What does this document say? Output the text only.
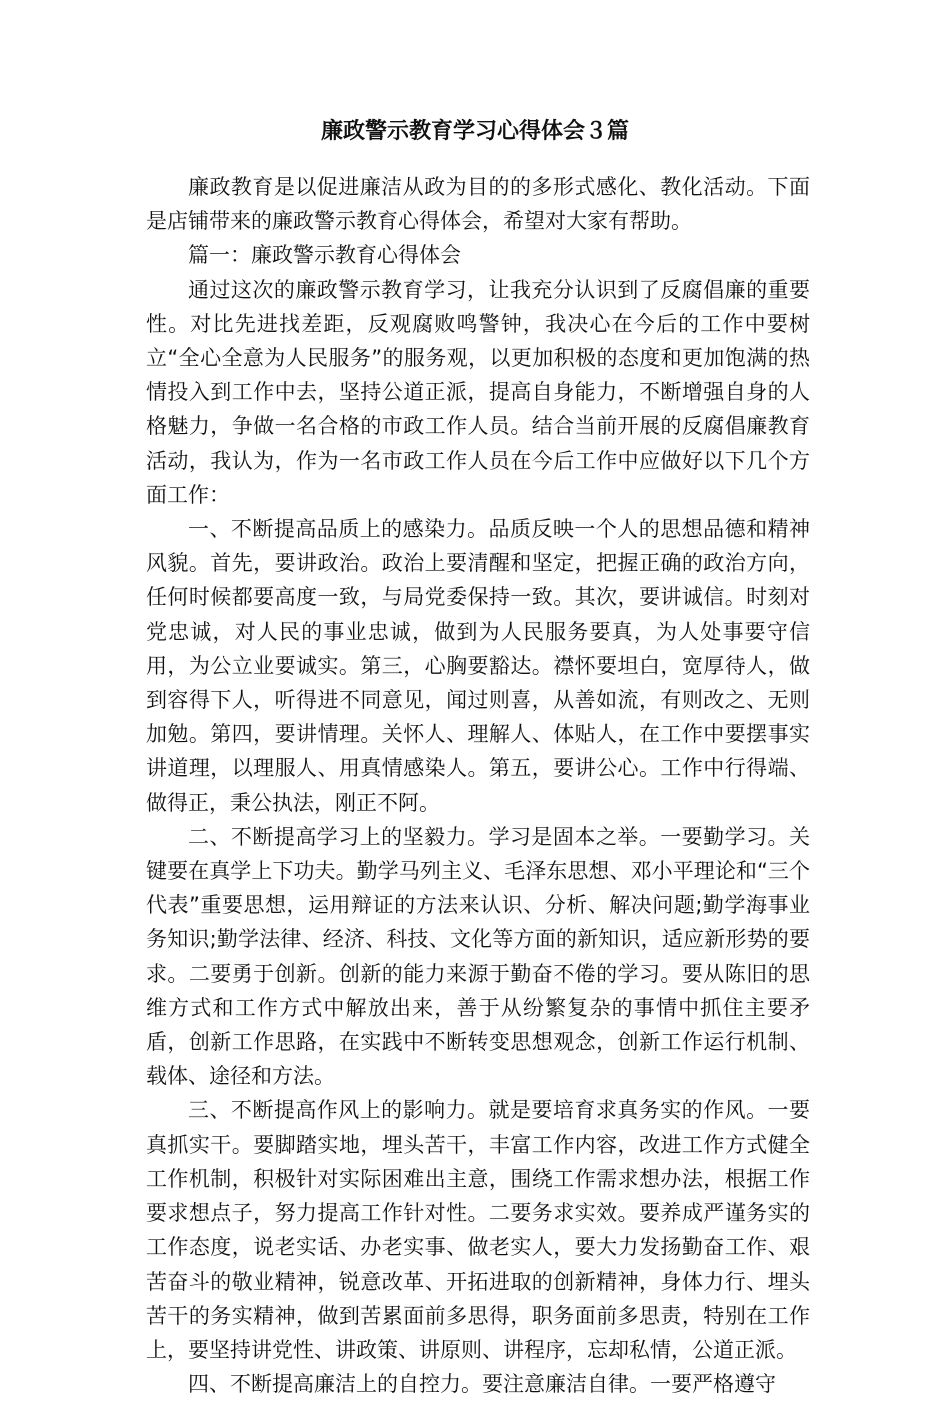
廉政警示教育学习心得体会３篇

廉政教育是以促进廉洁从政为目的的多形式感化、教化活动。下面是店铺带来的廉政警示教育心得体会，希望对大家有帮助。

篇一：廉政警示教育心得体会

通过这次的廉政警示教育学习，让我充分认识到了反腐倡廉的重要性。对比先进找差距，反观腐败鸣警钟，我决心在今后的工作中要树立“全心全意为人民服务”的服务观，以更加积极的态度和更加饱满的热情投入到工作中去，坚持公道正派，提高自身能力，不断增强自身的人格魅力，争做一名合格的市政工作人员。结合当前开展的反腐倡廉教育活动，我认为，作为一名市政工作人员在今后工作中应做好以下几个方面工作：

一、不断提高品质上的感染力。品质反映一个人的思想品德和精神风貌。首先，要讲政治。政治上要清醒和坚定，把握正确的政治方向，任何时候都要高度一致，与局党委保持一致。其次，要讲诚信。时刻对党忠诚，对人民的事业忠诚，做到为人民服务要真，为人处事要守信用，为公立业要诚实。第三，心胸要豁达。襟怀要坦白，宽厚待人，做到容得下人，听得进不同意见，闻过则喜，从善如流，有则改之、无则加勉。第四，要讲情理。关怀人、理解人、体贴人，在工作中要摆事实讲道理，以理服人、用真情感染人。第五，要讲公心。工作中行得端、做得正，秉公执法，刚正不阿。

二、不断提高学习上的坚毅力。学习是固本之举。一要勤学习。关键要在真学上下功夫。勤学马列主义、毛泽东思想、邓小平理论和“三个代表”重要思想，运用辩证的方法来认识、分析、解决问题;勤学海事业务知识;勤学法律、经济、科技、文化等方面的新知识，适应新形势的要求。二要勇于创新。创新的能力来源于勤奋不倦的学习。要从陈旧的思维方式和工作方式中解放出来，善于从纷繁复杂的事情中抓住主要矛盾，创新工作思路，在实践中不断转变思想观念，创新工作运行机制、载体、途径和方法。

三、不断提高作风上的影响力。就是要培育求真务实的作风。一要真抓实干。要脚踏实地，埋头苦干，丰富工作内容，改进工作方式健全工作机制，积极针对实际困难出主意，围绕工作需求想办法，根据工作要求想点子，努力提高工作针对性。二要务求实效。要养成严谨务实的工作态度，说老实话、办老实事、做老实人，要大力发扬勤奋工作、艰苦奋斗的敬业精神，锐意改革、开拓进取的创新精神，身体力行、埋头苦干的务实精神，做到苦累面前多思得，职务面前多思责，特别在工作上，要坚持讲党性、讲政策、讲原则、讲程序，忘却私情，公道正派。

四、不断提高廉洁上的自控力。要注意廉洁自律。一要严格遵守
